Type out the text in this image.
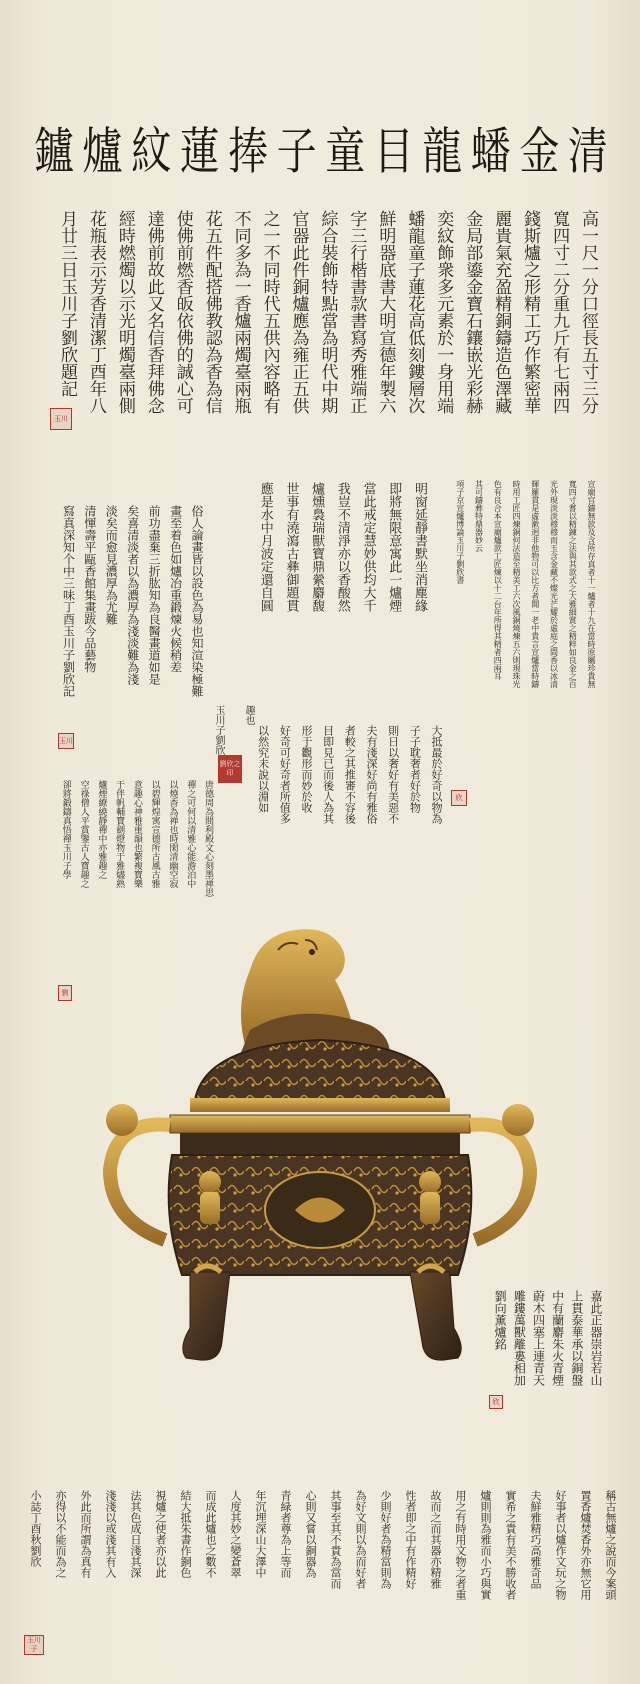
清
金
蟠
龍
目
童
子
捧
蓮
紋
爐
鑪
高一尺一分口徑長五寸三分
寬四寸二分重九斤有七兩四
錢斯爐之形精工巧作繁密華
麗貴氣充盈精銅鑄造色澤藏
金局部鎏金寶石鑲嵌光彩赫
奕紋飾衆多元素於一身用端
蟠龍童子蓮花高低刻鏤層次
鮮明器底書大明宣德年製六
字三行楷書款書寫秀雅端正
綜合裝飾特點當為明代中期
官器此件銅爐應為雍正五供
之一不同時代五供內容略有
不同多為一香爐兩燭臺兩瓶
花五件配搭佛教認為香為信
使佛前燃香皈依佛的誠心可
達佛前故此又名信香拜佛念
經時燃燭以示光明燭臺兩側
花瓶表示芳香清潔丁酉年八
月廿三日玉川子劉欣題記
玉川
宣廟官鑄無款及含所存真者十一爐者十九在當時原屬珍貴無
寬四寸嘗以精錬之法與其款式之大雅細賞之精粹如良金之百
光外現淡淡穆穆而玉含金藏不燦光芒耀於虛庭之間香以冰清
輝羅貫是虛漱迥非他物可以比方者聞一老中貴言宣爐當時鑄
時用工匠四煉銅何法造至精美工六次風銅燒煉五六則現珠光
色有良合本宣廟爐款工匠煉以十二台年所得其精者四兩耳
其可鑄彝特鼎器妙云
項子京宣爐博論玉川子劉欣書
欣
明窗延靜書默坐消塵緣
即將無限意寓此一爐煙
當此戒定慧妙供均大千
我豈不清淨亦以香酸然
爐燻裊瑞獸寶鼎縈麝馥
世事有澆瀉古彝御題貫
應是水中月波定還自圓
趣也
玉川子劉欣
劉欣之印	大抵最於好奇以物為
子子耽奢者好於物
則日以奢好有美惡不
夫有淺深好尚有雅俗
者較之其推審不容後
目即見已而後人為其
形于觀形而妙於收
好奇可好奇者所值多
以然究未說以淵如
俗人論畫皆以設色為易也知渲染極難
畫至着色如爐冶重鍛煉火候稍差
前功盡棄三折肱知為良醫畫道如是
矣喜清淡者以為濃厚為淺淡難為淺
淡矣而愈見濃厚為尤難
清惲壽平甌香館集畫跋今品藝物
寫真深知个中三味丁酉玉川子劉欣記
玉川
唐德周為間利殿文心刻墨禅思
禪之可何以清雅心能澹泊中
以燒香為禅也時閑清幽空寂
以碧輝煌寓宣德所古風古雅
意趣心神雅重韻也繁複寶樂
于伴帆輔寶劍燈物于雅燼熟
爐煙繚繞靜禪中亦雅趣之
空祿僧人平賞鑒古人寶趣之
卻將鍛鑄真悟禪玉川子學
劉
嘉此正器崇岩若山
上貫泰華承以銅盤
中有蘭麝朱火青煙
蔚木四塞上連青天
雕鏤萬獸離婁相加
劉向薰爐銘
欣
稱古無爐之說而今案頭
置香爐焚香外亦無它用
好事者以爐作文玩之物
夫鮮雅精巧高雅奇品
實希之貴有美不勝收者
爐則則為雅而小巧與實
用之有時用文物之者重
故而之而其器亦精雅
性者即之中有作精好
少則好者為精當則為
為好文則以為而好者
其事至其不貴為當而
心則又嘗以銅器為
青緑者尊為上等而
年沉埋深山大澤中
人度其妙之變蒼翠
而成此爐也之數不
結大抵朱書作銅色
視爐之使者亦以此
法其色成日淺其深
淺淺以或淺其有入
外此而所謂為真有
亦得以不能而為之
小誌丁酉秋劉欣
玉川子
